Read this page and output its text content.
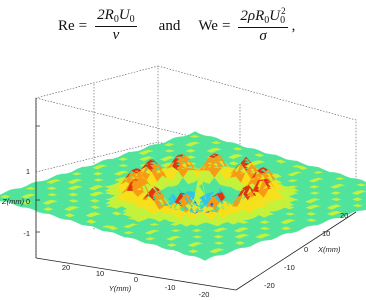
$Re = \frac{2R_0U_0}{\nu}$ and $We = \frac{2\rho R_0U_0^2}{\sigma}$ ,
1
0
-1
Z(mm)
20
10
0
-10
-20
Y(mm)
20
10
0
-10
-20
X(mm)
